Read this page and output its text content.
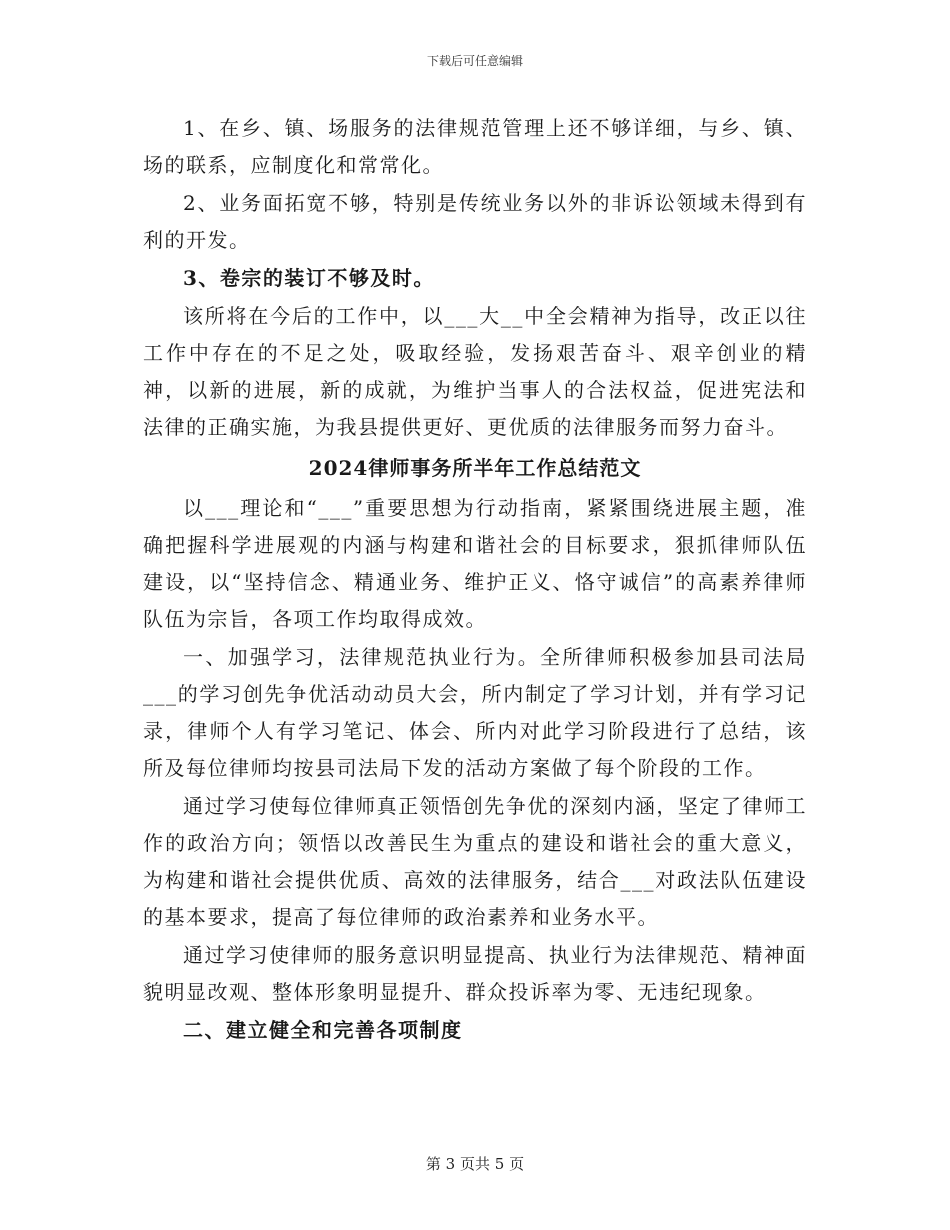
下载后可任意编辑

1、在乡、镇、场服务的法律规范管理上还不够详细，与乡、镇、场的联系，应制度化和常常化。

2、业务面拓宽不够，特别是传统业务以外的非诉讼领域未得到有利的开发。

3、卷宗的装订不够及时。

该所将在今后的工作中，以___大__中全会精神为指导，改正以往工作中存在的不足之处，吸取经验，发扬艰苦奋斗、艰辛创业的精神，以新的进展，新的成就，为维护当事人的合法权益，促进宪法和法律的正确实施，为我县提供更好、更优质的法律服务而努力奋斗。

2024律师事务所半年工作总结范文

以___理论和“___”重要思想为行动指南，紧紧围绕进展主题，准确把握科学进展观的内涵与构建和谐社会的目标要求，狠抓律师队伍建设，以“坚持信念、精通业务、维护正义、恪守诚信”的高素养律师队伍为宗旨，各项工作均取得成效。

一、加强学习，法律规范执业行为。全所律师积极参加县司法局___的学习创先争优活动动员大会，所内制定了学习计划，并有学习记录，律师个人有学习笔记、体会、所内对此学习阶段进行了总结，该所及每位律师均按县司法局下发的活动方案做了每个阶段的工作。

通过学习使每位律师真正领悟创先争优的深刻内涵，坚定了律师工作的政治方向；领悟以改善民生为重点的建设和谐社会的重大意义，为构建和谐社会提供优质、高效的法律服务，结合___对政法队伍建设的基本要求，提高了每位律师的政治素养和业务水平。

通过学习使律师的服务意识明显提高、执业行为法律规范、精神面貌明显改观、整体形象明显提升、群众投诉率为零、无违纪现象。

二、建立健全和完善各项制度

第 3 页共 5 页
